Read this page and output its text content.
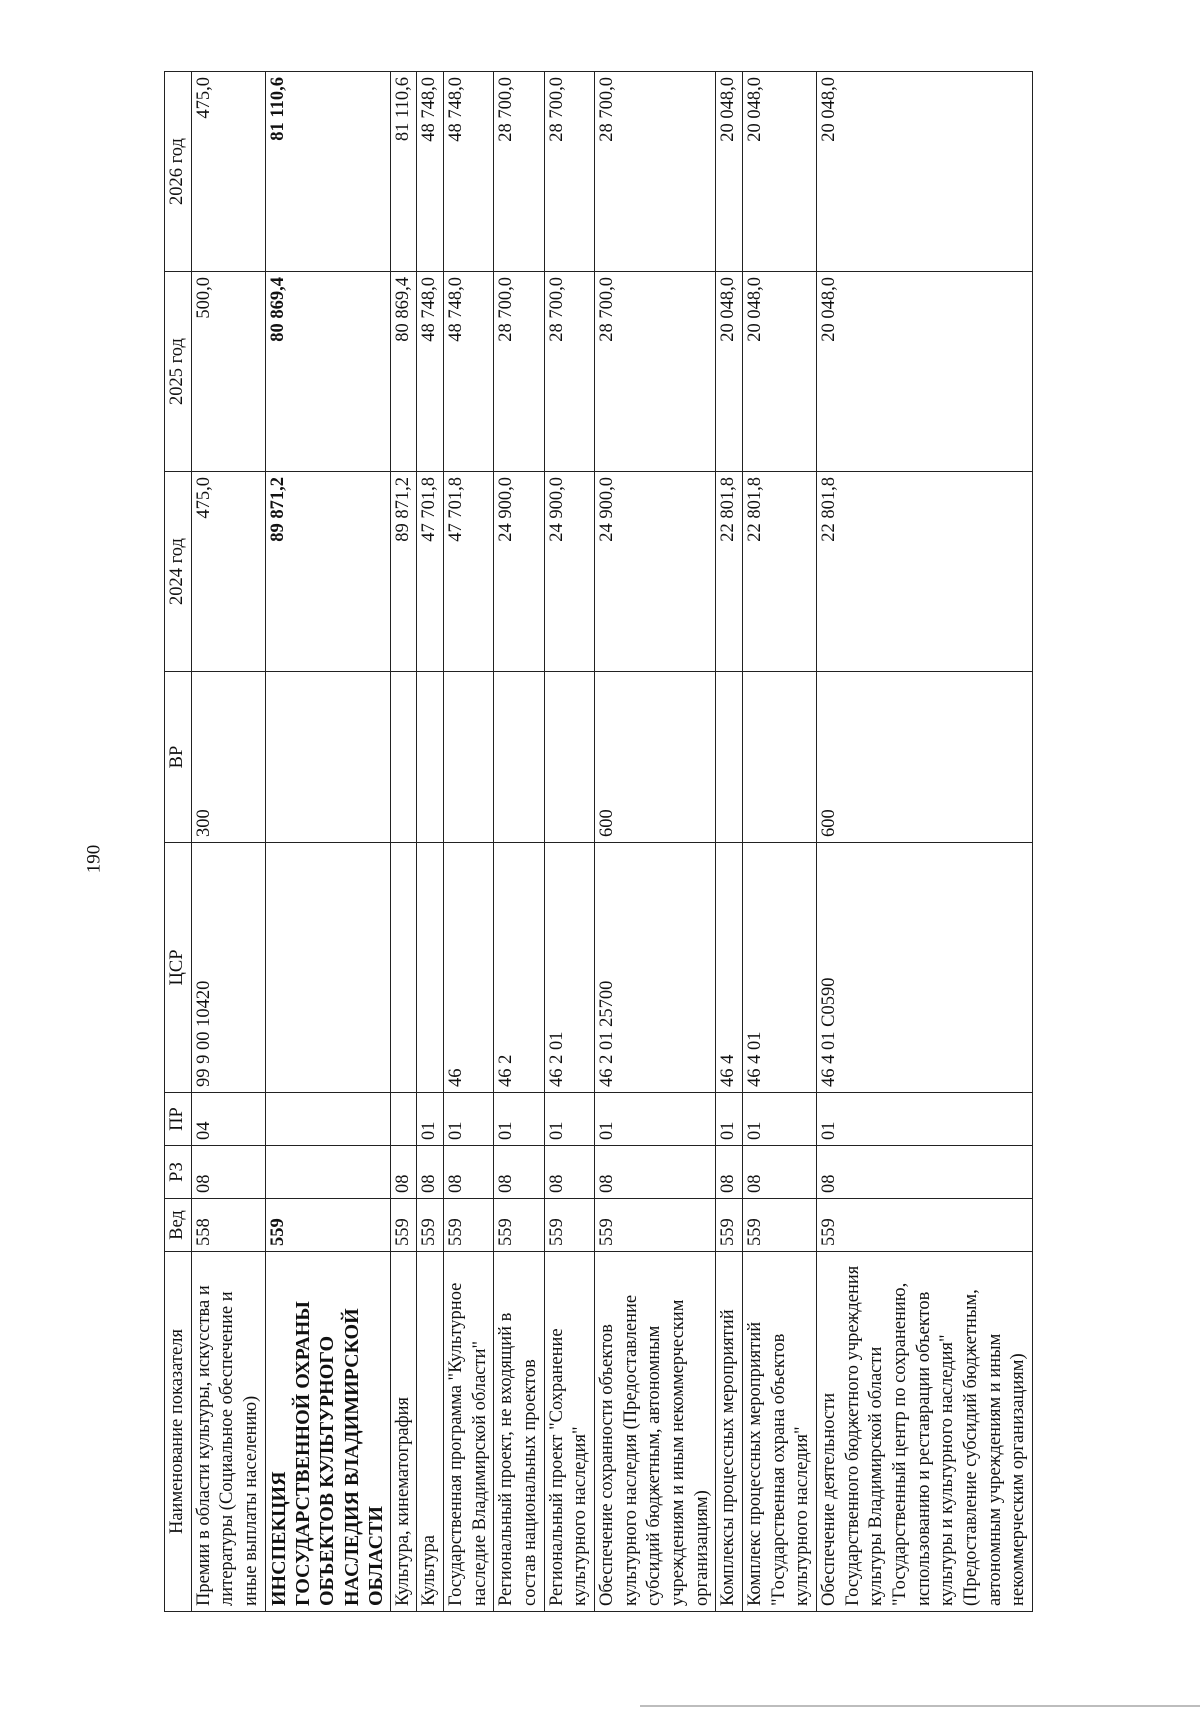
190
Наименование показателя	Вед	РЗ	ПР	ЦСР	ВР	2024 год	2025 год	2026 год
Премии в области культуры, искусства и литературы (Социальное обеспечение и иные выплаты населению)	558	08	04	99 9 00 10420	300	475,0	500,0	475,0
ИНСПЕКЦИЯ ГОСУДАРСТВЕННОЙ ОХРАНЫ ОБЪЕКТОВ КУЛЬТУРНОГО НАСЛЕДИЯ ВЛАДИМИРСКОЙ ОБЛАСТИ	559					89 871,2	80 869,4	81 110,6
Культура, кинематография	559	08				89 871,2	80 869,4	81 110,6
Культура	559	08	01			47 701,8	48 748,0	48 748,0
Государственная программа "Культурное наследие Владимирской области"	559	08	01	46		47 701,8	48 748,0	48 748,0
Региональный проект, не входящий в состав национальных проектов	559	08	01	46 2		24 900,0	28 700,0	28 700,0
Региональный проект "Сохранение культурного наследия"	559	08	01	46 2 01		24 900,0	28 700,0	28 700,0
Обеспечение сохранности объектов культурного наследия (Предоставление субсидий бюджетным, автономным учреждениям и иным некоммерческим организациям)	559	08	01	46 2 01 25700	600	24 900,0	28 700,0	28 700,0
Комплексы процессных мероприятий	559	08	01	46 4		22 801,8	20 048,0	20 048,0
Комплекс процессных мероприятий "Государственная охрана объектов культурного наследия"	559	08	01	46 4 01		22 801,8	20 048,0	20 048,0
Обеспечение деятельности Государственного бюджетного учреждения культуры Владимирской области "Государственный центр по сохранению, использованию и реставрации объектов культуры и культурного наследия" (Предоставление субсидий бюджетным, автономным учреждениям и иным некоммерческим организациям)	559	08	01	46 4 01 С0590	600	22 801,8	20 048,0	20 048,0
